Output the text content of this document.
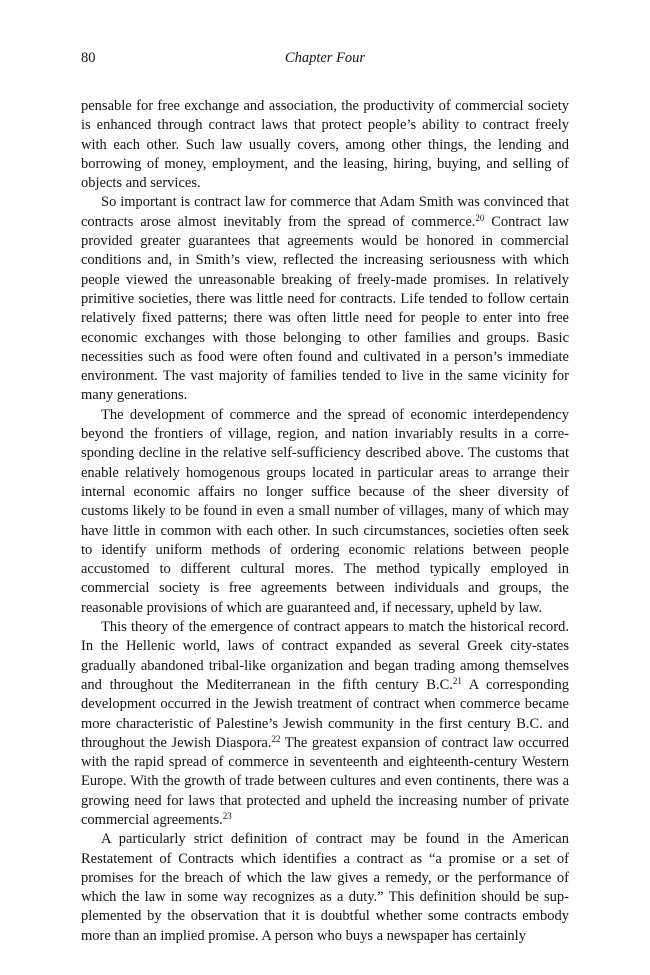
80	Chapter Four

pensable for free exchange and association, the productivity of commercial society is enhanced through contract laws that protect people’s ability to contract freely with each other. Such law usually covers, among other things, the lending and borrowing of money, employment, and the leasing, hiring, buying, and selling of objects and services.

So important is contract law for commerce that Adam Smith was convinced that contracts arose almost inevitably from the spread of commerce.$^{20}$ Contract law provided greater guarantees that agreements would be honored in commercial conditions and, in Smith’s view, reflected the increasing seriousness with which people viewed the unreasonable breaking of freely-made promises. In relatively primitive societies, there was little need for contracts. Life tended to follow certain relatively fixed patterns; there was often little need for people to enter into free economic exchanges with those belonging to other families and groups. Basic necessities such as food were often found and cultivated in a person’s immediate environment. The vast majority of families tended to live in the same vicinity for many generations.

The development of commerce and the spread of economic interdependency beyond the frontiers of village, region, and nation invariably results in a corresponding decline in the relative self-sufficiency described above. The customs that enable relatively homogenous groups located in particular areas to arrange their internal economic affairs no longer suffice because of the sheer diversity of customs likely to be found in even a small number of villages, many of which may have little in common with each other. In such circumstances, societies often seek to identify uniform methods of ordering economic relations between people accustomed to different cultural mores. The method typically employed in commercial society is free agreements between individuals and groups, the reasonable provisions of which are guaranteed and, if necessary, upheld by law.

This theory of the emergence of contract appears to match the historical record. In the Hellenic world, laws of contract expanded as several Greek city-states gradually abandoned tribal-like organization and began trading among themselves and throughout the Mediterranean in the fifth century B.C.$^{21}$ A corresponding development occurred in the Jewish treatment of contract when commerce became more characteristic of Palestine’s Jewish community in the first century B.C. and throughout the Jewish Diaspora.$^{22}$ The greatest expansion of contract law occurred with the rapid spread of commerce in seventeenth and eighteenth-century Western Europe. With the growth of trade between cultures and even continents, there was a growing need for laws that protected and upheld the increasing number of private commercial agreements.$^{23}$

A particularly strict definition of contract may be found in the American Restatement of Contracts which identifies a contract as “a promise or a set of promises for the breach of which the law gives a remedy, or the performance of which the law in some way recognizes as a duty.” This definition should be supplemented by the observation that it is doubtful whether some contracts embody more than an implied promise. A person who buys a newspaper has certainly
